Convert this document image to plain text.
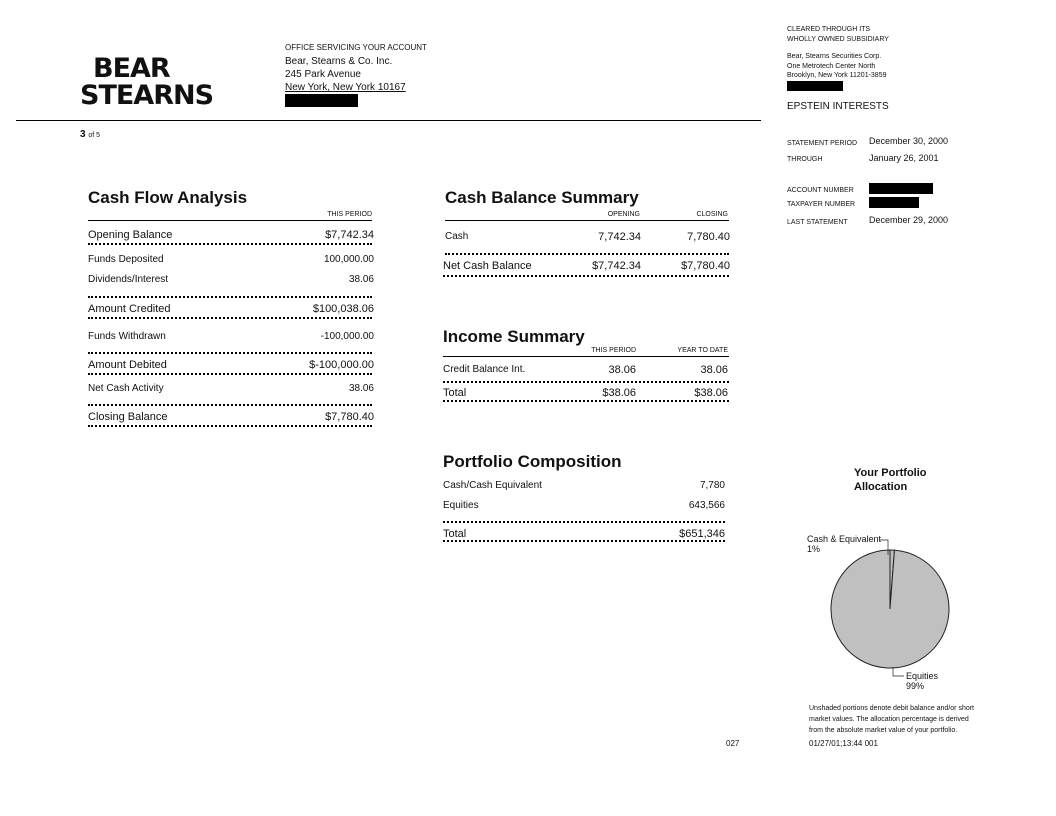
BEAR
STEARNS
OFFICE SERVICING YOUR ACCOUNT
Bear, Stearns & Co. Inc.
245 Park Avenue
New York, New York 10167
3 of 5
CLEARED THROUGH ITS
WHOLLY OWNED SUBSIDIARY
Bear, Stearns Securities Corp.
One Metrotech Center North
Brooklyn, New York 11201-3859
EPSTEIN INTERESTS
STATEMENT PERIOD December 30, 2000
THROUGH	January 26, 2001
ACCOUNT NUMBER
TAXPAYER NUMBER
LAST STATEMENT December 29, 2000
Cash Flow Analysis
THIS PERIOD
Opening Balance	$7,742.34
Funds Deposited	100,000.00
Dividends/Interest	38.06
Amount Credited	$100,038.06
Funds Withdrawn	-100,000.00
Amount Debited	$-100,000.00
Net Cash Activity	38.06
Closing Balance	$7,780.40
Cash Balance Summary
OPENING	CLOSING
Cash	7,742.34	7,780.40
Net Cash Balance	$7,742.34	$7,780.40
Income Summary
THIS PERIOD	YEAR TO DATE
Credit Balance Int.	38.06	38.06
Total	$38.06	$38.06
Portfolio Composition
Cash/Cash Equivalent	7,780
Equities	643,566
Total	$651,346
Your Portfolio
Allocation
Cash & Equivalent
1%
Equities
99%
Unshaded portions denote debit balance and/or short
market values. The allocation percentage is derived
from the absolute market value of your portfolio.
027	01/27/01;13:44 001
